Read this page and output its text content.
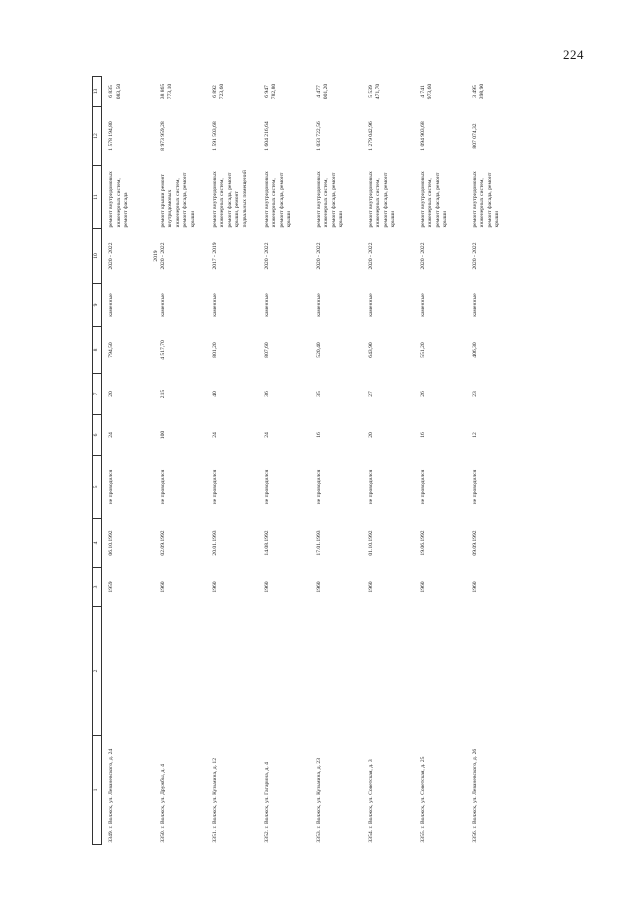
224
1	2	3	4	5	6	7	8	9	10	11	12	13
3349. г. Волжск, ул. Леваневского, д. 24		1959	06.10.1992	не проводился	24	20	794,50	каменные	2020 - 2022	ремонт внутридомовых инженерных систем, ремонт фасада	1 578 194,80	6 835 083,50
3350. г. Волжск, ул. Дружбы, д. 4		1960	02.09.1992	не проводился	100	215	4 517,70	каменные	2019 2020 - 2022	ремонт крыши ремонт внутридомовых инженерных систем, ремонт фасада, ремонт крыши	8 973 959,28	38 865 773,10
3351. г. Волжск, ул. Кузьмина, д. 12		1960	20.01.1993	не проводился	24	40	801,20	каменные	2017 - 2019	ремонт внутридомовых инженерных систем, ремонт фасада, ремонт крыши, ремонт подвальных помещений	1 591 503,68	6 892 723,60
3352. г. Волжск, ул. Гагарина, д. 4		1960	14.08.1992	не проводился	24	36	807,60	каменные	2020 - 2022	ремонт внутридомовых инженерных систем, ремонт фасада, ремонт крыши	1 604 216,64	6 947 782,80
3353. г. Волжск, ул. Кузьмина, д. 23		1960	17.01.1993	не проводился	16	35	520,40	каменные	2020 - 2022	ремонт внутридомовых инженерных систем, ремонт фасада, ремонт крыши	1 033 722,56	4 477 001,20
3354. г. Волжск, ул. Советская, д. 3		1960	01.10.1992	не проводился	20	27	643,90	каменные	2020 - 2022	ремонт внутридомовых инженерных систем, ремонт фасада, ремонт крыши	1 279 042,96	5 539 471,70
3355. г. Волжск, ул. Советская, д. 25		1960	19.06.1992	не проводился	16	26	551,20	каменные	2020 - 2022	ремонт внутридомовых инженерных систем, ремонт фасада, ремонт крыши	1 094 903,68	4 741 973,60
3356. г. Волжск, ул. Леваневского, д. 26		1960	09.09.1992	не проводился	12	23	406,30	каменные	2020 - 2022	ремонт внутридомовых инженерных систем, ремонт фасада, ремонт крыши	807 074,32	3 495 398,90
